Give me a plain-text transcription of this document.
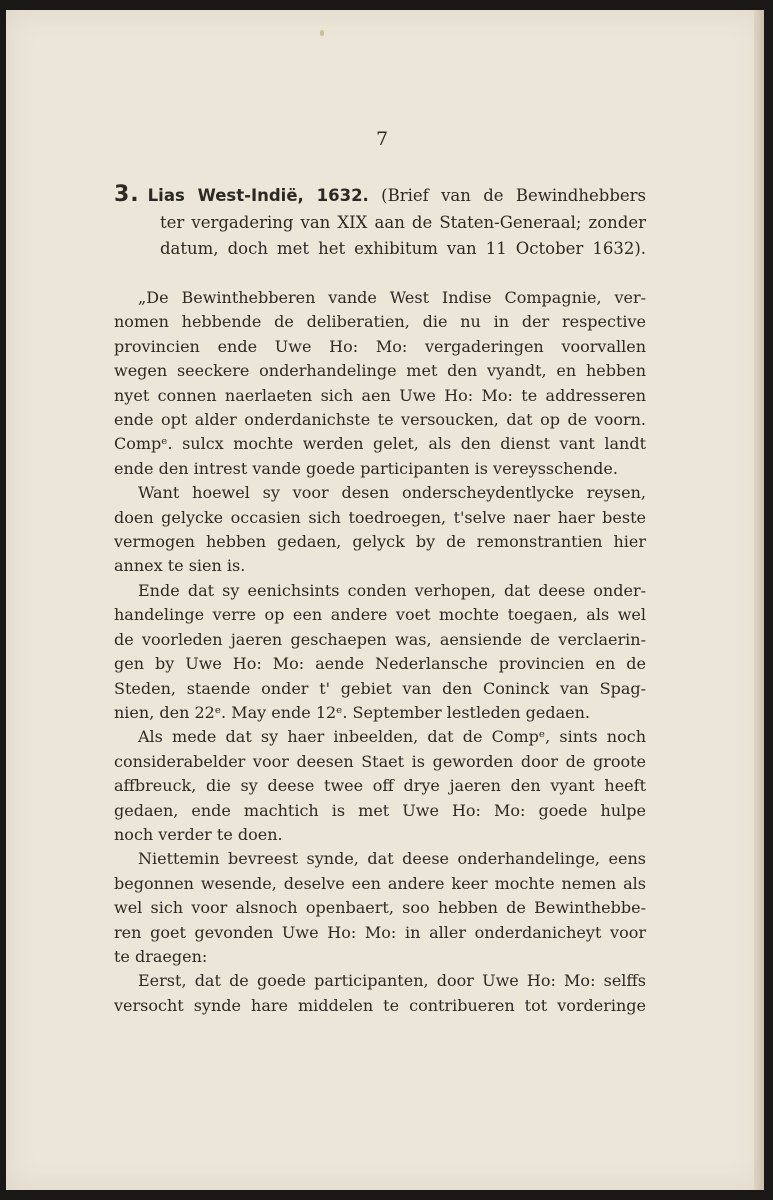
7
3. Lias West-Indië, 1632. (Brief van de Bewindhebbers
ter vergadering van XIX aan de Staten-Generaal; zonder
datum, doch met het exhibitum van 11 October 1632).
„De Bewinthebberen vande West Indise Compagnie, ver-
nomen hebbende de deliberatien, die nu in der respective
provincien ende Uwe Ho: Mo: vergaderingen voorvallen
wegen seeckere onderhandelinge met den vyandt, en hebben
nyet connen naerlaeten sich aen Uwe Ho: Mo: te addresseren
ende opt alder onderdanichste te versoucken, dat op de voorn.
Compᵉ. sulcx mochte werden gelet, als den dienst vant landt
ende den intrest vande goede participanten is vereysschende.
Want hoewel sy voor desen onderscheydentlycke reysen,
doen gelycke occasien sich toedroegen, t'selve naer haer beste
vermogen hebben gedaen, gelyck by de remonstrantien hier
annex te sien is.
Ende dat sy eenichsints conden verhopen, dat deese onder-
handelinge verre op een andere voet mochte toegaen, als wel
de voorleden jaeren geschaepen was, aensiende de verclaerin-
gen by Uwe Ho: Mo: aende Nederlansche provincien en de
Steden, staende onder t' gebiet van den Coninck van Spag-
nien, den 22ᵉ. May ende 12ᵉ. September lestleden gedaen.
Als mede dat sy haer inbeelden, dat de Compᵉ, sints noch
considerabelder voor deesen Staet is geworden door de groote
affbreuck, die sy deese twee off drye jaeren den vyant heeft
gedaen, ende machtich is met Uwe Ho: Mo: goede hulpe
noch verder te doen.
Niettemin bevreest synde, dat deese onderhandelinge, eens
begonnen wesende, deselve een andere keer mochte nemen als
wel sich voor alsnoch openbaert, soo hebben de Bewinthebbe-
ren goet gevonden Uwe Ho: Mo: in aller onderdanicheyt voor
te draegen:
Eerst, dat de goede participanten, door Uwe Ho: Mo: selffs
versocht synde hare middelen te contribueren tot vorderinge
